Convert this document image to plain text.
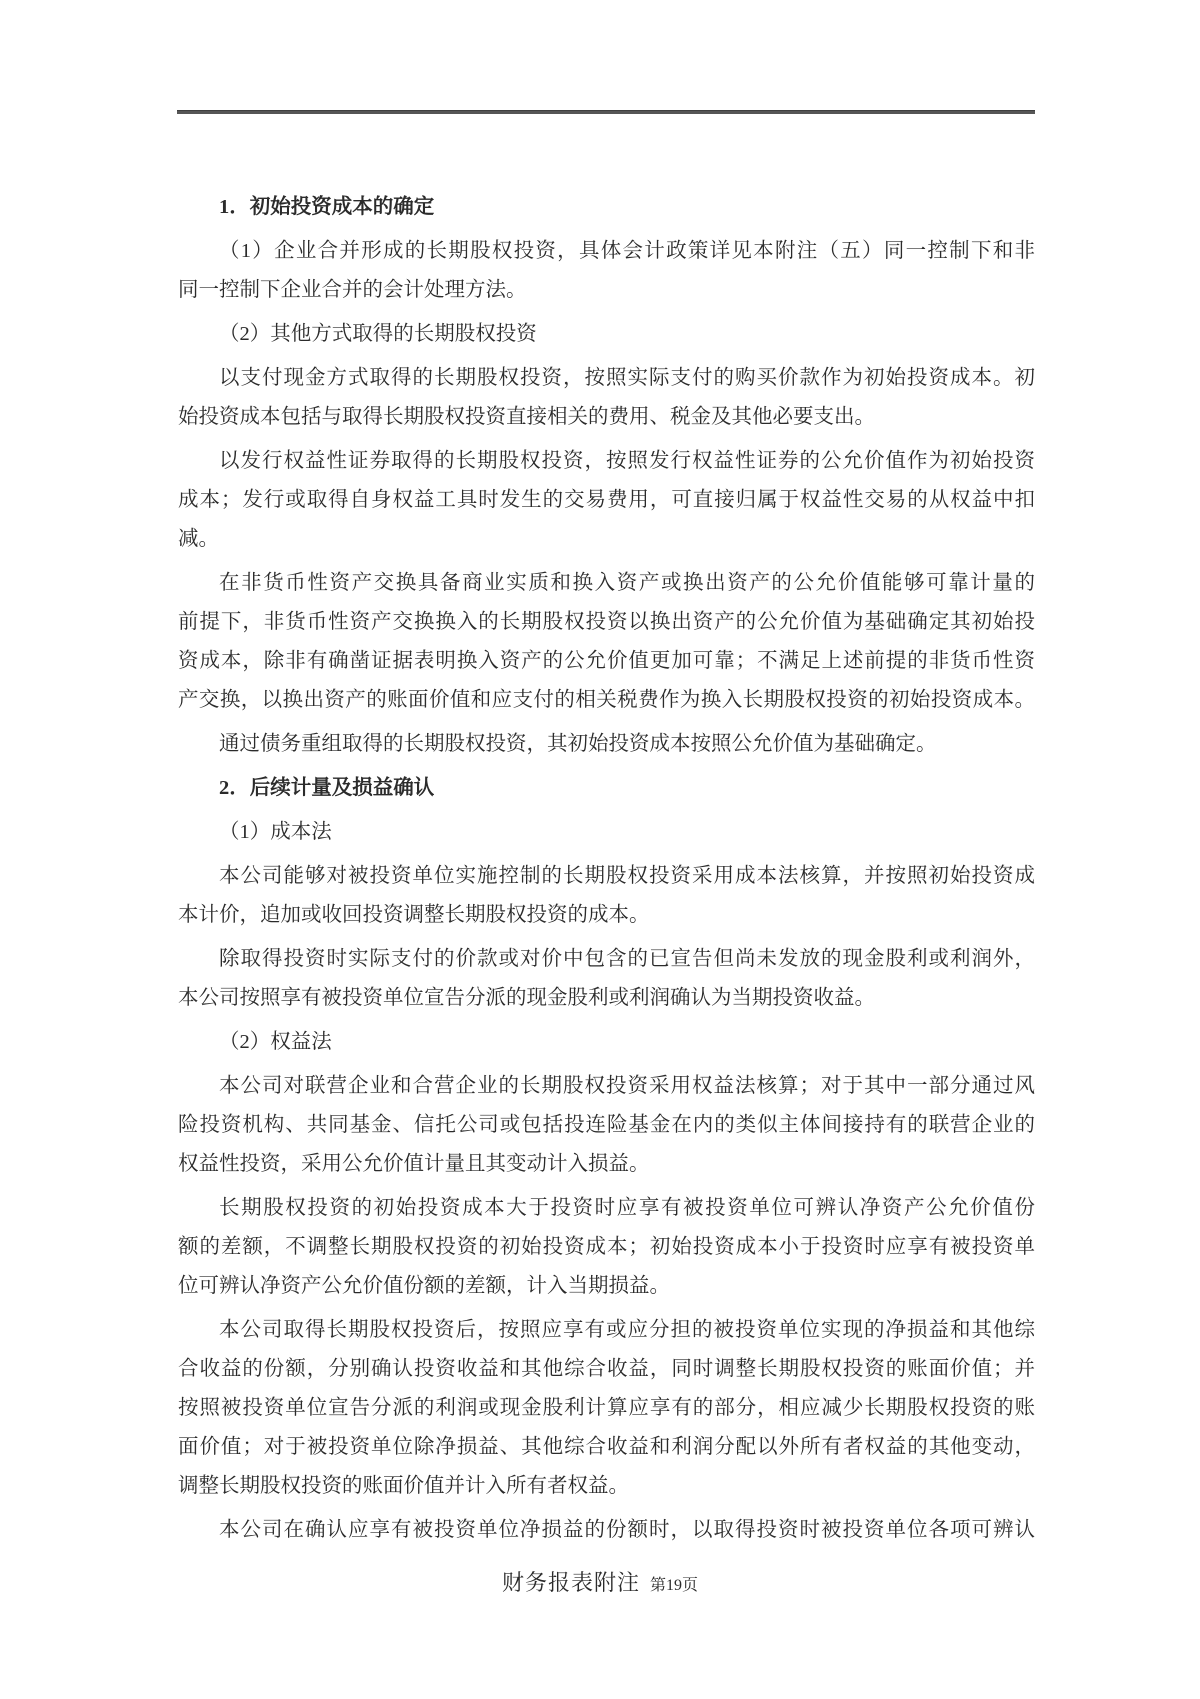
1．初始投资成本的确定
（1）企业合并形成的长期股权投资，具体会计政策详见本附注（五）同一控制下和非
同一控制下企业合并的会计处理方法。
（2）其他方式取得的长期股权投资
以支付现金方式取得的长期股权投资，按照实际支付的购买价款作为初始投资成本。初
始投资成本包括与取得长期股权投资直接相关的费用、税金及其他必要支出。
以发行权益性证券取得的长期股权投资，按照发行权益性证券的公允价值作为初始投资
成本；发行或取得自身权益工具时发生的交易费用，可直接归属于权益性交易的从权益中扣
减。
在非货币性资产交换具备商业实质和换入资产或换出资产的公允价值能够可靠计量的
前提下，非货币性资产交换换入的长期股权投资以换出资产的公允价值为基础确定其初始投
资成本，除非有确凿证据表明换入资产的公允价值更加可靠；不满足上述前提的非货币性资
产交换，以换出资产的账面价值和应支付的相关税费作为换入长期股权投资的初始投资成本。
通过债务重组取得的长期股权投资，其初始投资成本按照公允价值为基础确定。
2．后续计量及损益确认
（1）成本法
本公司能够对被投资单位实施控制的长期股权投资采用成本法核算，并按照初始投资成
本计价，追加或收回投资调整长期股权投资的成本。
除取得投资时实际支付的价款或对价中包含的已宣告但尚未发放的现金股利或利润外，
本公司按照享有被投资单位宣告分派的现金股利或利润确认为当期投资收益。
（2）权益法
本公司对联营企业和合营企业的长期股权投资采用权益法核算；对于其中一部分通过风
险投资机构、共同基金、信托公司或包括投连险基金在内的类似主体间接持有的联营企业的
权益性投资，采用公允价值计量且其变动计入损益。
长期股权投资的初始投资成本大于投资时应享有被投资单位可辨认净资产公允价值份
额的差额，不调整长期股权投资的初始投资成本；初始投资成本小于投资时应享有被投资单
位可辨认净资产公允价值份额的差额，计入当期损益。
本公司取得长期股权投资后，按照应享有或应分担的被投资单位实现的净损益和其他综
合收益的份额，分别确认投资收益和其他综合收益，同时调整长期股权投资的账面价值；并
按照被投资单位宣告分派的利润或现金股利计算应享有的部分，相应减少长期股权投资的账
面价值；对于被投资单位除净损益、其他综合收益和利润分配以外所有者权益的其他变动，
调整长期股权投资的账面价值并计入所有者权益。
本公司在确认应享有被投资单位净损益的份额时，以取得投资时被投资单位各项可辨认
财务报表附注 第19页
